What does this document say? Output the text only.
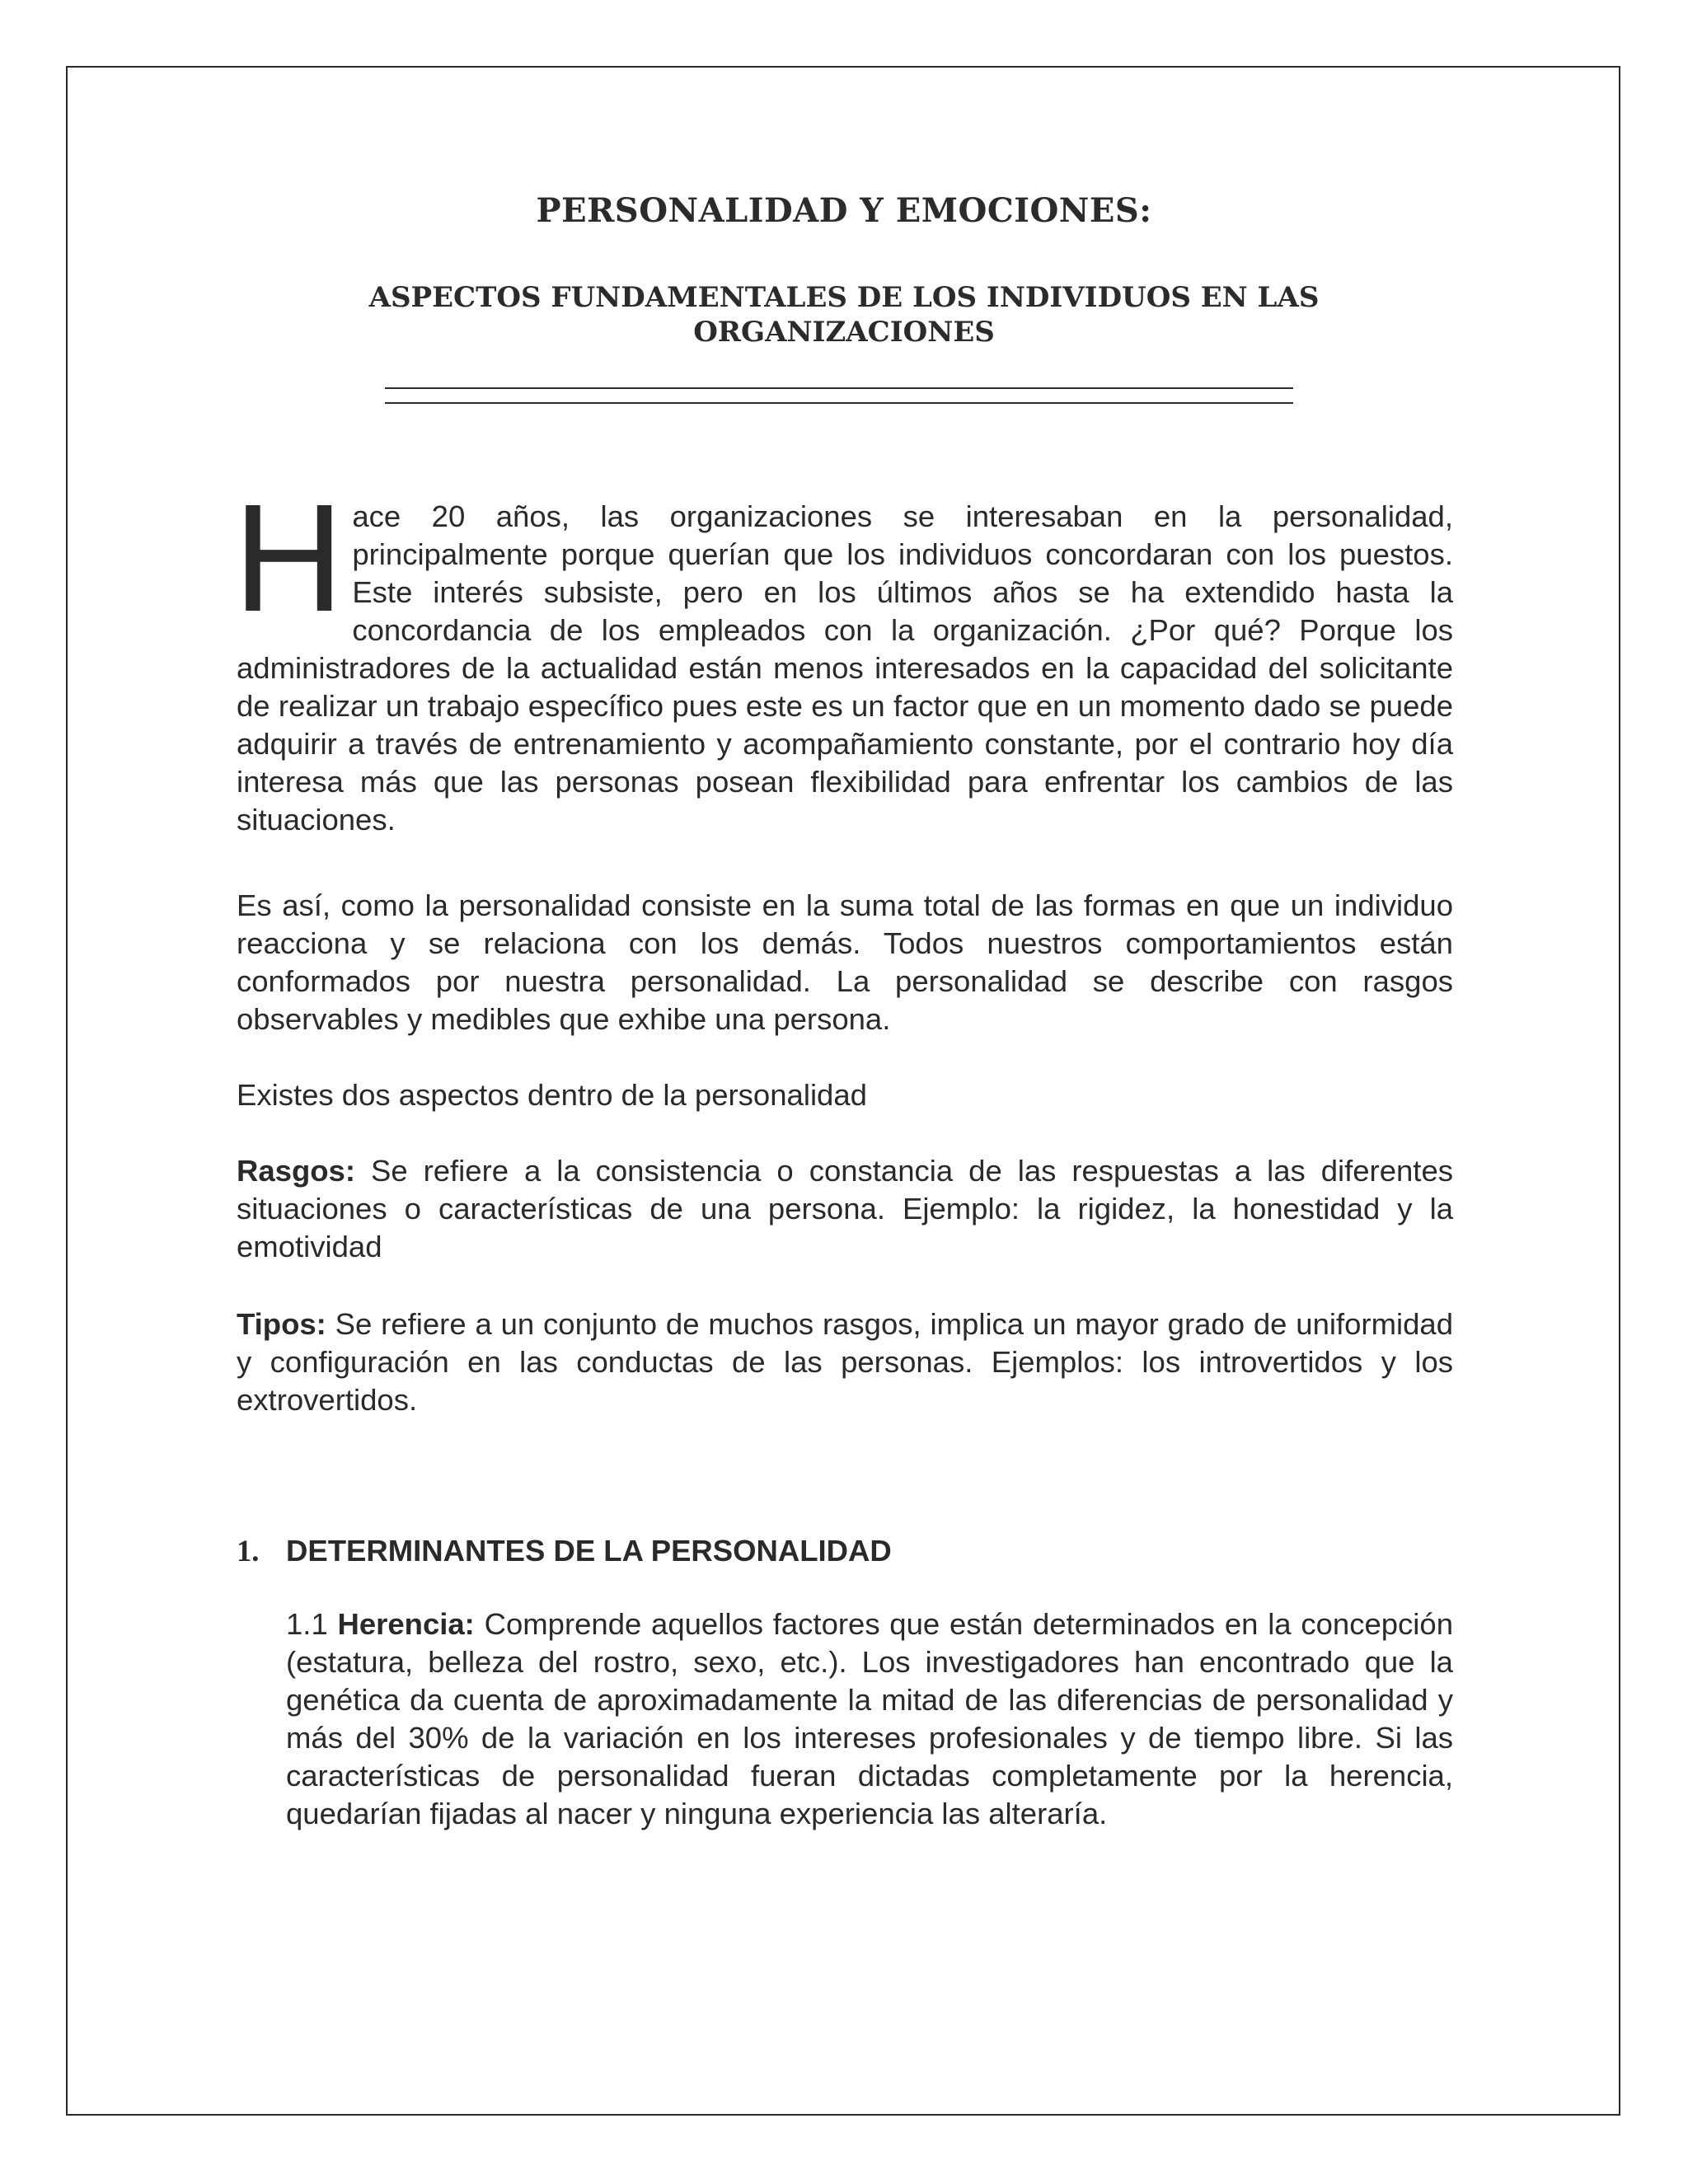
PERSONALIDAD Y EMOCIONES:
ASPECTOS FUNDAMENTALES DE LOS INDIVIDUOS EN LAS ORGANIZACIONES

Hace 20 años, las organizaciones se interesaban en la personalidad, principalmente porque querían que los individuos concordaran con los puestos. Este interés subsiste, pero en los últimos años se ha extendido hasta la concordancia de los empleados con la organización. ¿Por qué? Porque los administradores de la actualidad están menos interesados en la capacidad del solicitante de realizar un trabajo específico pues este es un factor que en un momento dado se puede adquirir a través de entrenamiento y acompañamiento constante, por el contrario hoy día interesa más que las personas posean flexibilidad para enfrentar los cambios de las situaciones.

Es así, como la personalidad consiste en la suma total de las formas en que un individuo reacciona y se relaciona con los demás. Todos nuestros comportamientos están conformados por nuestra personalidad. La personalidad se describe con rasgos observables y medibles que exhibe una persona.

Existes dos aspectos dentro de la personalidad

Rasgos: Se refiere a la consistencia o constancia de las respuestas a las diferentes situaciones o características de una persona. Ejemplo: la rigidez, la honestidad y la emotividad

Tipos: Se refiere a un conjunto de muchos rasgos, implica un mayor grado de uniformidad y configuración en las conductas de las personas. Ejemplos: los introvertidos y los extrovertidos.

1. DETERMINANTES DE LA PERSONALIDAD

1.1 Herencia: Comprende aquellos factores que están determinados en la concepción (estatura, belleza del rostro, sexo, etc.). Los investigadores han encontrado que la genética da cuenta de aproximadamente la mitad de las diferencias de personalidad y más del 30% de la variación en los intereses profesionales y de tiempo libre. Si las características de personalidad fueran dictadas completamente por la herencia, quedarían fijadas al nacer y ninguna experiencia las alteraría.
